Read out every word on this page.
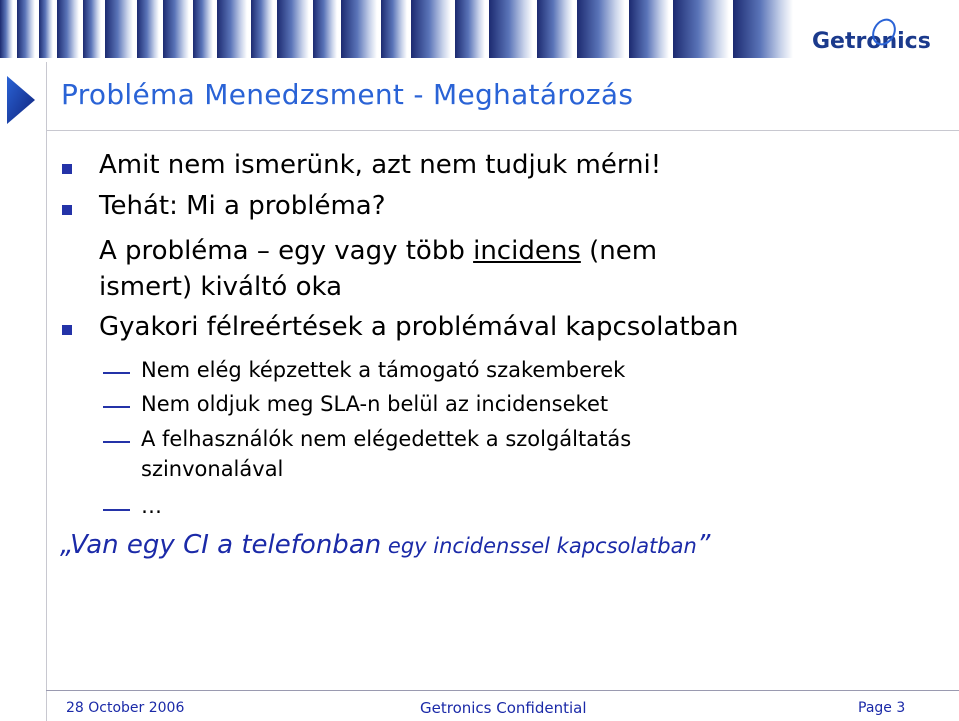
Getronics
Probléma Menedzsment - Meghatározás
Amit nem ismerünk, azt nem tudjuk mérni!
Tehát: Mi a probléma?
A probléma – egy vagy több incidens (nem
ismert) kiváltó oka
Gyakori félreértések a problémával kapcsolatban
Nem elég képzettek a támogató szakemberek
Nem oldjuk meg SLA-n belül az incidenseket
A felhasználók nem elégedettek a szolgáltatás
szinvonalával
…
„Van egy CI a telefonban egy incidenssel kapcsolatban”
28 October 2006	Getronics Confidential	Page 3
